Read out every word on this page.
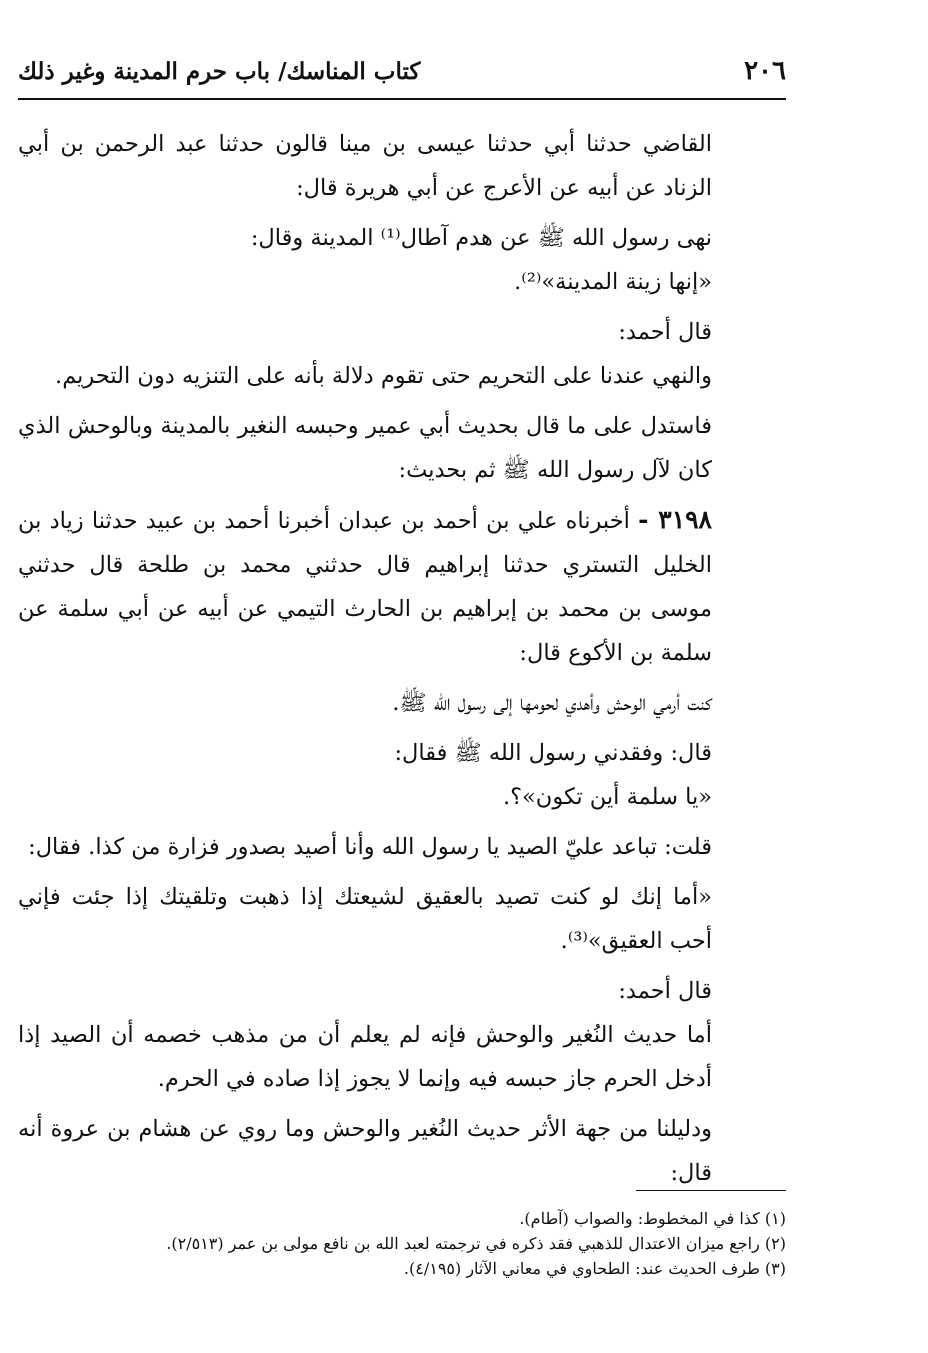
٢٠٦
كتاب المناسك/ باب حرم المدينة وغير ذلك

القاضي حدثنا أبي حدثنا عيسى بن مينا قالون حدثنا عبد الرحمن بن أبي الزناد عن أبيه عن الأعرج عن أبي هريرة قال:

نهى رسول الله ﷺ عن هدم آطال⁽¹⁾ المدينة وقال:

«إنها زينة المدينة»⁽²⁾.

قال أحمد:

والنهي عندنا على التحريم حتى تقوم دلالة بأنه على التنزيه دون التحريم.

فاستدل على ما قال بحديث أبي عمير وحبسه النغير بالمدينة وبالوحش الذي كان لآل رسول الله ﷺ ثم بحديث:

٣١٩٨ - أخبرناه علي بن أحمد بن عبدان أخبرنا أحمد بن عبيد حدثنا زياد بن الخليل التستري حدثنا إبراهيم قال حدثني محمد بن طلحة قال حدثني موسى بن محمد بن إبراهيم بن الحارث التيمي عن أبيه عن أبي سلمة عن سلمة بن الأكوع قال:

كنت أرمي الوحش وأهدي لحومها إلى رسول الله ﷺ.

قال: وفقدني رسول الله ﷺ فقال:

«يا سلمة أين تكون»؟.

قلت: تباعد عليّ الصيد يا رسول الله وأنا أصيد بصدور فزارة من كذا. فقال:

«أما إنك لو كنت تصيد بالعقيق لشيعتك إذا ذهبت وتلقيتك إذا جئت فإني أحب العقيق»⁽³⁾.

قال أحمد:

أما حديث النُغير والوحش فإنه لم يعلم أن من مذهب خصمه أن الصيد إذا أدخل الحرم جاز حبسه فيه وإنما لا يجوز إذا صاده في الحرم.

ودليلنا من جهة الأثر حديث النُغير والوحش وما روي عن هشام بن عروة أنه قال:

(١) كذا في المخطوط: والصواب (آطام).

(٢) راجع ميزان الاعتدال للذهبي فقد ذكره في ترجمته لعبد الله بن نافع مولى بن عمر (٢/٥١٣).

(٣) طرف الحديث عند: الطحاوي في معاني الآثار (٤/١٩٥).
